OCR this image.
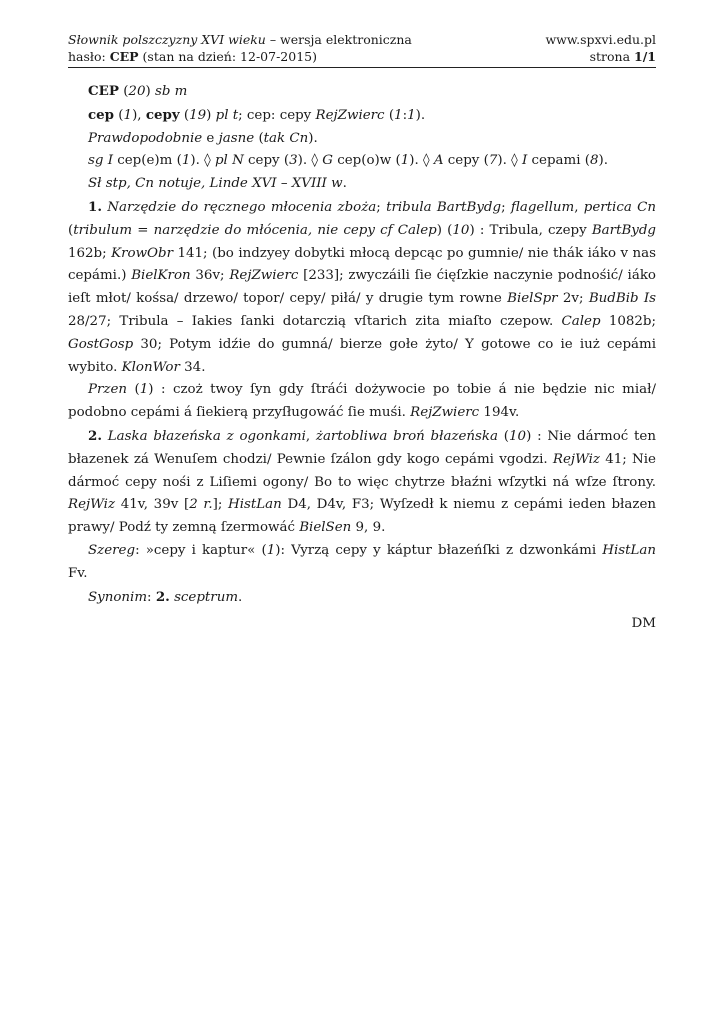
Słownik polszczyzny XVI wieku – wersja elektroniczna	www.spxvi.edu.pl
hasło: CEP (stan na dzień: 12-07-2015)	strona 1/1

CEP (20) sb m

cep (1), cepy (19) pl t; cep: cepy RejZwierc (1:1).

Prawdopodobnie e jasne (tak Cn).

sg I cep(e)m (1). ◊ pl N cepy (3). ◊ G cep(o)w (1). ◊ A cepy (7). ◊ I cepami (8).

Sł stp, Cn notuje, Linde XVI – XVIII w.

1. Narzędzie do ręcznego młocenia zboża; tribula BartBydg; flagellum, pertica Cn (tribulum = narzędzie do młócenia, nie cepy cf Calep) (10) : Tribula, czepy BartBydg 162b; KrowObr 141; (bo indzyey dobytki młocą depcąc po gumnie/ nie thák iáko v nas cepámi.) BielKron 36v; RejZwierc [233]; zwyczáili ſie ćięſzkie naczynie podnośić/ iáko ieſt młot/ kośsa/ drzewo/ topor/ cepy/ piłá/ y drugie tym rowne BielSpr 2v; BudBib Is 28/27; Tribula – Iakies ſanki dotarczią vſtarich zita miaſto czepow. Calep 1082b; GostGosp 30; Potym idźie do gumná/ bierze gołe żyto/ Y gotowe co ie iuż cepámi wybito. KlonWor 34.

Przen (1) : czoż twoy ſyn gdy ſtráći dożywocie po tobie á nie będzie nic miał/ podobno cepámi á ſiekierą przyſługowáć ſie muśi. RejZwierc 194v.

2. Laska błazeńska z ogonkami, żartobliwa broń błazeńska (10) : Nie dármoć ten błazenek zá Wenuſem chodzi/ Pewnie ſzálon gdy kogo cepámi vgodzi. RejWiz 41; Nie dármoć cepy nośi z Liſiemi ogony/ Bo to więc chytrze błaźni wſzytki ná wſze ſtrony. RejWiz 41v, 39v [2 r.]; HistLan D4, D4v, F3; Wyſzedł k niemu z cepámi ieden błazen prawy/ Podź ty zemną ſzermowáć BielSen 9, 9.

Szereg: »cepy i kaptur« (1): Vyrzą cepy y káptur błazeńſki z dzwonkámi HistLan Fv.

Synonim: 2. sceptrum.

DM
